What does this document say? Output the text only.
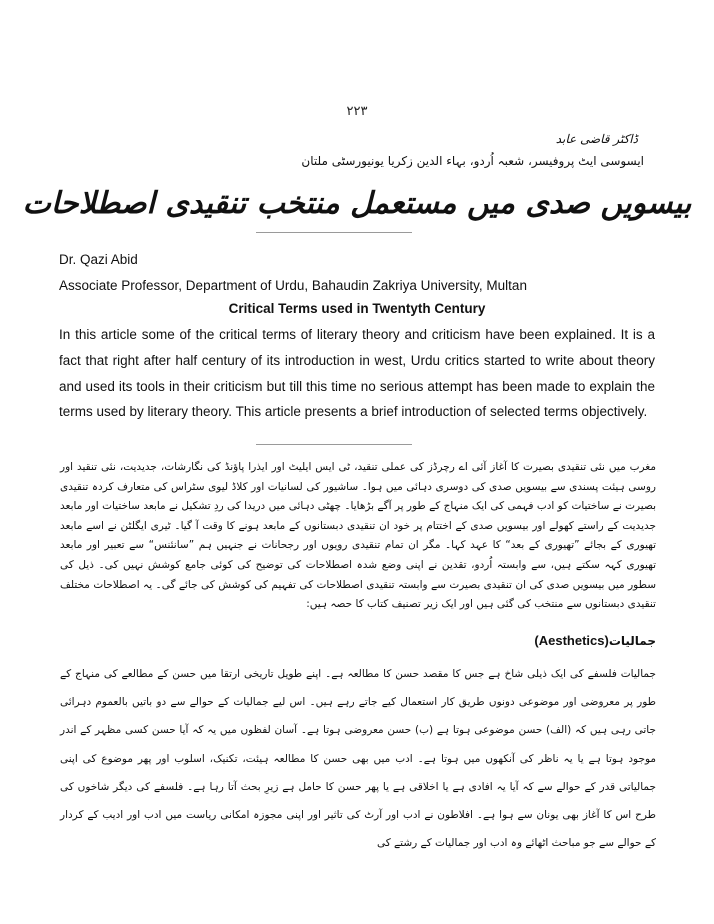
۲۲۳
ڈاکٹر قاضی عابد
ایسوسی ایٹ پروفیسر، شعبہ اُردو، بہاء الدین زکریا یونیورسٹی ملتان
بیسویں صدی میں مستعمل منتخب تنقیدی اصطلاحات
Dr. Qazi Abid
Associate Professor, Department of Urdu, Bahaudin Zakriya University, Multan
Critical Terms used in Twentyth Century

In this article some of the critical terms of literary theory and criticism have been explained. It is a fact that right after half century of its introduction in west, Urdu critics started to write about theory and used its tools in their criticism but till this time no serious attempt has been made to explain the terms used by literary theory. This article presents a brief introduction of selected terms objectively.

مغرب میں نئی تنقیدی بصیرت کا آغاز آئی اے رچرڈز کی عملی تنقید، ٹی ایس ایلیٹ اور ایذرا پاؤنڈ کی نگارشات، جدیدیت، نئی تنقید اور روسی ہیئت پسندی سے بیسویں صدی کی دوسری دہائی میں ہوا۔ ساشیور کی لسانیات اور کلاڈ لیوی سٹراس کی متعارف کردہ تنقیدی بصیرت نے ساختیات کو ادب فہمی کی ایک منہاج کے طور پر آگے بڑھایا۔ چھٹی دہائی میں دریدا کی ردِ تشکیل نے مابعد ساختیات اور مابعد جدیدیت کے راستے کھولے اور بیسویں صدی کے اختتام پر خود ان تنقیدی دبستانوں کے مابعد ہونے کا وقت آ گیا۔ ٹیری ایگلٹن نے اسے مابعد تھیوری کے بجائے ”تھیوری کے بعد“ کا عہد کہا۔ مگر ان تمام تنقیدی رویوں اور رجحانات نے جنہیں ہم ”سانئنس“ سے تعبیر اور مابعد تھیوری کہہ سکتے ہیں، سے وابستہ اُردو، تقدین نے اپنی وضع شدہ اصطلاحات کی توضیح کی کوئی جامع کوشش نہیں کی۔ ذیل کی سطور میں بیسویں صدی کی ان تنقیدی بصیرت سے وابستہ تنقیدی اصطلاحات کی تفہیم کی کوشش کی جائے گی۔ یہ اصطلاحات مختلف تنقیدی دبستانوں سے منتخب کی گئی ہیں اور ایک زیر تصنیف کتاب کا حصہ ہیں:

جمالیات(Aesthetics)

جمالیات فلسفے کی ایک ذیلی شاخ ہے جس کا مقصد حسن کا مطالعہ ہے۔ اپنے طویل تاریخی ارتقا میں حسن کے مطالعے کی منہاج کے طور پر معروضی اور موضوعی دونوں طریق کار استعمال کیے جاتے رہے ہیں۔ اس لیے جمالیات کے حوالے سے دو باتیں بالعموم دہرائی جاتی رہی ہیں کہ (الف) حسن موضوعی ہوتا ہے (ب) حسن معروضی ہوتا ہے۔ آسان لفظوں میں یہ کہ آیا حسن کسی مظہر کے اندر موجود ہوتا ہے یا یہ ناظر کی آنکھوں میں ہوتا ہے۔ ادب میں بھی حسن کا مطالعہ ہیئت، تکنیک، اسلوب اور پھر موضوع کی اپنی جمالیاتی قدر کے حوالے سے کہ آیا یہ افادی ہے یا اخلاقی ہے یا پھر حسن کا حامل ہے زیرِ بحث آتا رہا ہے۔ فلسفے کی دیگر شاخوں کی طرح اس کا آغاز بھی یونان سے ہوا ہے۔ افلاطون نے ادب اور آرٹ کی تاثیر اور اپنی مجوزہ امکانی ریاست میں ادب اور ادیب کے کردار کے حوالے سے جو مباحث اٹھائے وہ ادب اور جمالیات کے رشتے کی
